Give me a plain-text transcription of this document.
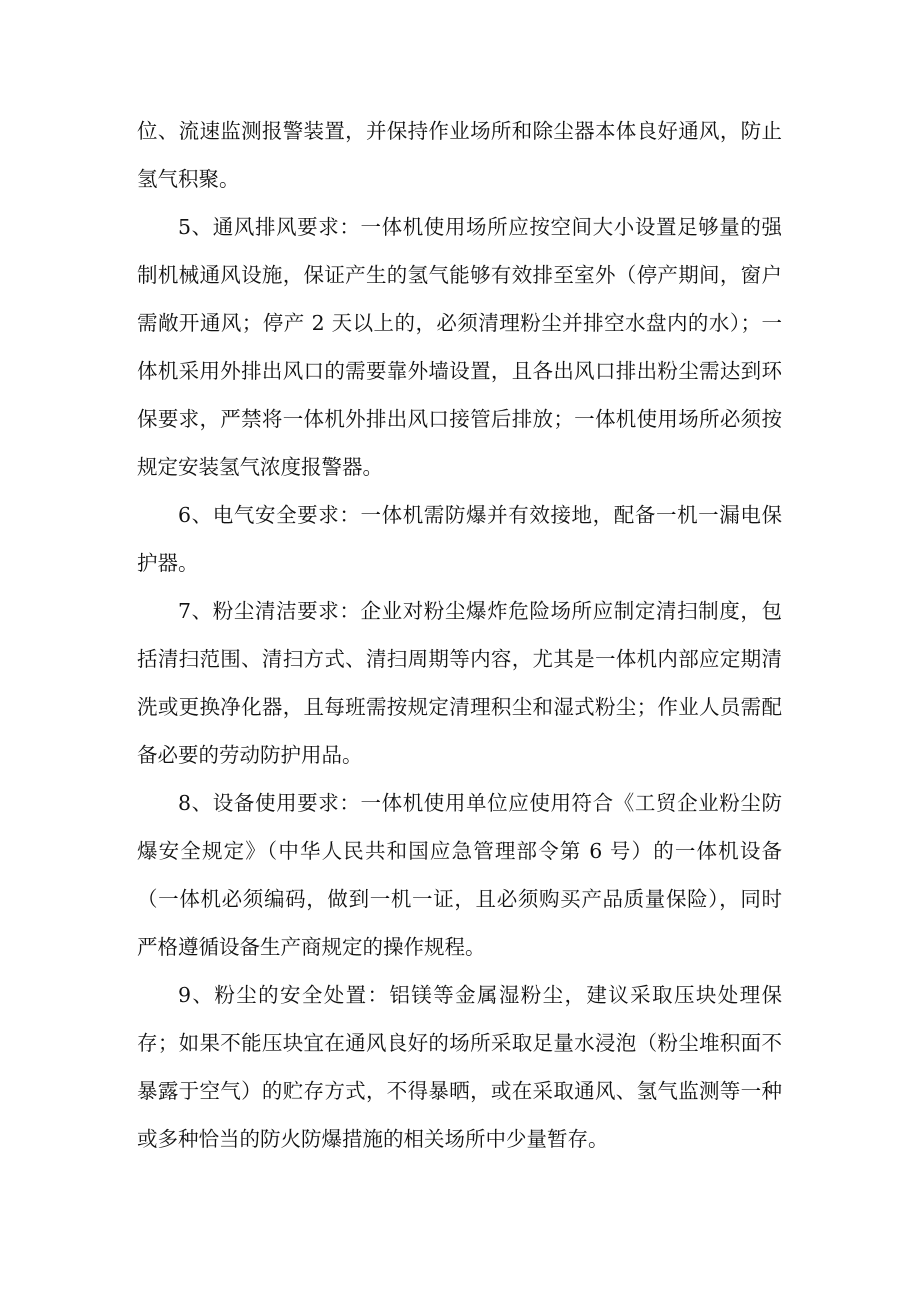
位、流速监测报警装置，并保持作业场所和除尘器本体良好通风，防止氢气积聚。

5、通风排风要求：一体机使用场所应按空间大小设置足够量的强制机械通风设施，保证产生的氢气能够有效排至室外（停产期间，窗户需敞开通风；停产 2 天以上的，必须清理粉尘并排空水盘内的水）；一体机采用外排出风口的需要靠外墙设置，且各出风口排出粉尘需达到环保要求，严禁将一体机外排出风口接管后排放；一体机使用场所必须按规定安装氢气浓度报警器。

6、电气安全要求：一体机需防爆并有效接地，配备一机一漏电保护器。

7、粉尘清洁要求：企业对粉尘爆炸危险场所应制定清扫制度，包括清扫范围、清扫方式、清扫周期等内容，尤其是一体机内部应定期清洗或更换净化器，且每班需按规定清理积尘和湿式粉尘；作业人员需配备必要的劳动防护用品。

8、设备使用要求：一体机使用单位应使用符合《工贸企业粉尘防爆安全规定》（中华人民共和国应急管理部令第 6 号）的一体机设备（一体机必须编码，做到一机一证，且必须购买产品质量保险），同时严格遵循设备生产商规定的操作规程。

9、粉尘的安全处置：铝镁等金属湿粉尘，建议采取压块处理保存；如果不能压块宜在通风良好的场所采取足量水浸泡（粉尘堆积面不暴露于空气）的贮存方式，不得暴晒，或在采取通风、氢气监测等一种或多种恰当的防火防爆措施的相关场所中少量暂存。
